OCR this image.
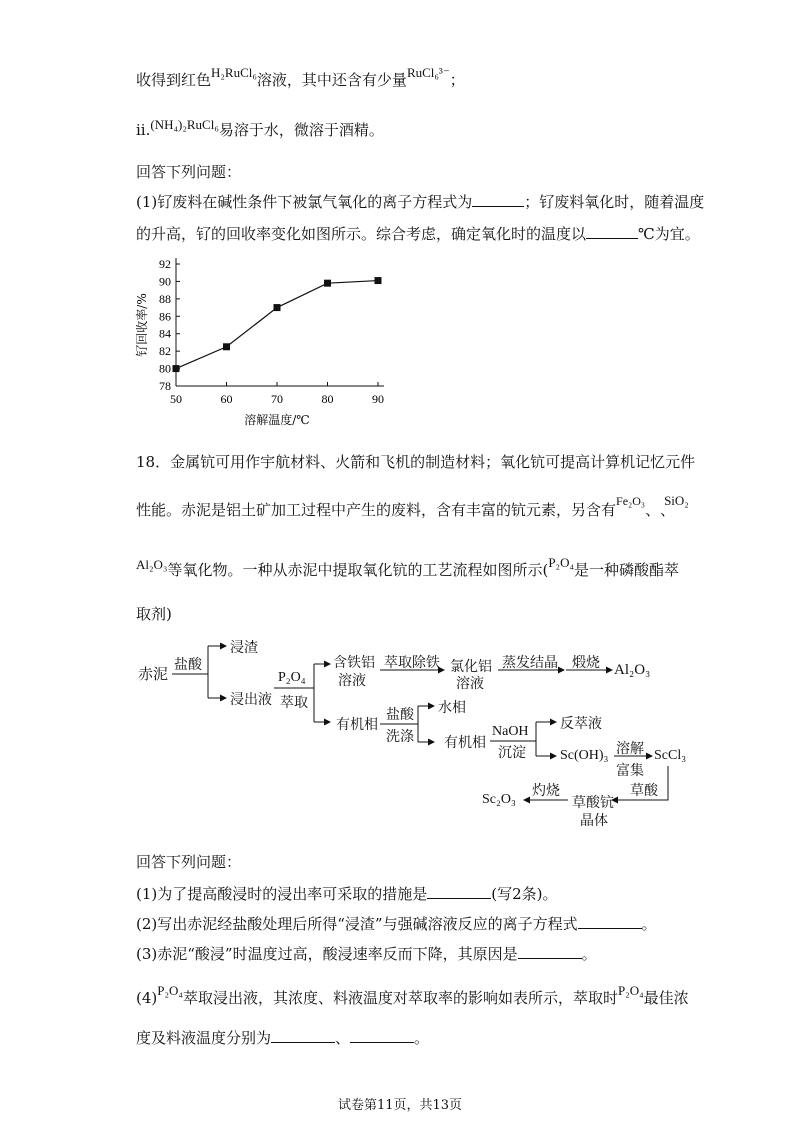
收得到红色H₂RuCl₆溶液，其中还含有少量RuCl₆³⁻；
ii.(NH₄)₂RuCl₆易溶于水，微溶于酒精。
回答下列问题：
(1)钌废料在碱性条件下被氯气氧化的离子方程式为	；钌废料氧化时，随着温度
的升高，钌的回收率变化如图所示。综合考虑，确定氧化时的温度以	℃为宜。
78
80
82
84
86
88
90
92
50	60	70	80	90
溶解温度/℃
钌回收率/%
18．金属钪可用作宇航材料、火箭和飞机的制造材料；氧化钪可提高计算机记忆元件
性能。赤泥是铝土矿加工过程中产生的废料，含有丰富的钪元素，另含有$^{Fe_2O_3}$、SiO₂
、
Al₂O₃等氧化物。一种从赤泥中提取氧化钪的工艺流程如图所示(P₂O₄是一种磷酸酯萃
取剂)
赤泥 盐酸
浸渣
浸出液
P₂O₄
萃取
含铁铝
溶液
萃取除铁 氯化铝
溶液
蒸发结晶 煅烧 Al₂O₃
有机相
盐酸
洗涤
水相
有机相
NaOH
沉淀
反萃液
Sc(OH)₃ 溶解
富集
ScCl₃
草酸
草酸钪
晶体
灼烧
Sc₂O₃
回答下列问题：
(1)为了提高酸浸时的浸出率可采取的措施是	(写2条)。
(2)写出赤泥经盐酸处理后所得“浸渣”与强碱溶液反应的离子方程式	。
(3)赤泥“酸浸”时温度过高，酸浸速率反而下降，其原因是	。
(4)P₂O₄萃取浸出液，其浓度、料液温度对萃取率的影响如表所示，萃取时P₂O₄最佳浓
度及料液温度分别为	、	。
试卷第11页，共13页
